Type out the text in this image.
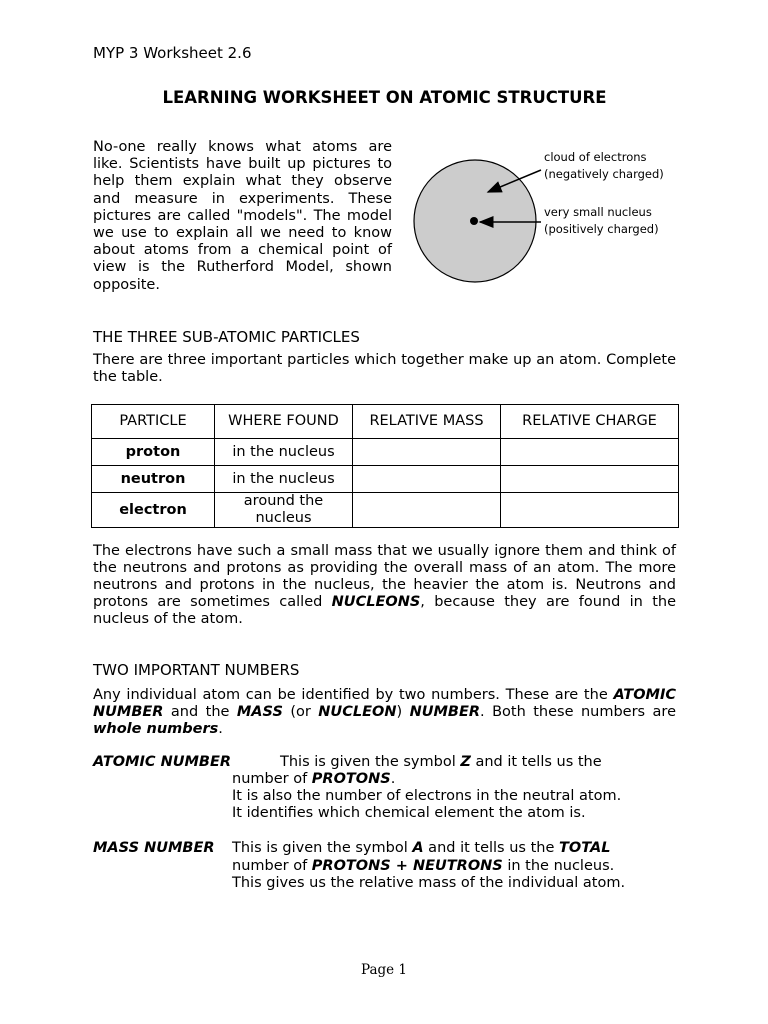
MYP 3 Worksheet 2.6
LEARNING WORKSHEET ON ATOMIC STRUCTURE

No-one really knows what atoms are like. Scientists have built up pictures to help them explain what they observe and measure in experiments. These pictures are called "models". The model we use to explain all we need to know about atoms from a chemical point of view is the Rutherford Model, shown opposite.

cloud of electrons
(negatively charged)
very small nucleus
(positively charged)
THE THREE SUB-ATOMIC PARTICLES
There are three important particles which together make up an atom. Complete the table.
PARTICLE	WHERE FOUND	RELATIVE MASS	RELATIVE CHARGE
proton	in the nucleus		
neutron	in the nucleus		
electron	around the nucleus		
The electrons have such a small mass that we usually ignore them and think of the neutrons and protons as providing the overall mass of an atom. The more neutrons and protons in the nucleus, the heavier the atom is. Neutrons and protons are sometimes called NUCLEONS, because they are found in the nucleus of the atom.
TWO IMPORTANT NUMBERS
Any individual atom can be identified by two numbers. These are the ATOMIC NUMBER and the MASS (or NUCLEON) NUMBER. Both these numbers are whole numbers.
ATOMIC NUMBER	This is given the symbol Z and it tells us the
number of PROTONS.
It is also the number of electrons in the neutral atom.
It identifies which chemical element the atom is.
MASS NUMBER This is given the symbol A and it tells us the TOTAL
number of PROTONS + NEUTRONS in the nucleus.
This gives us the relative mass of the individual atom.
Page 1
